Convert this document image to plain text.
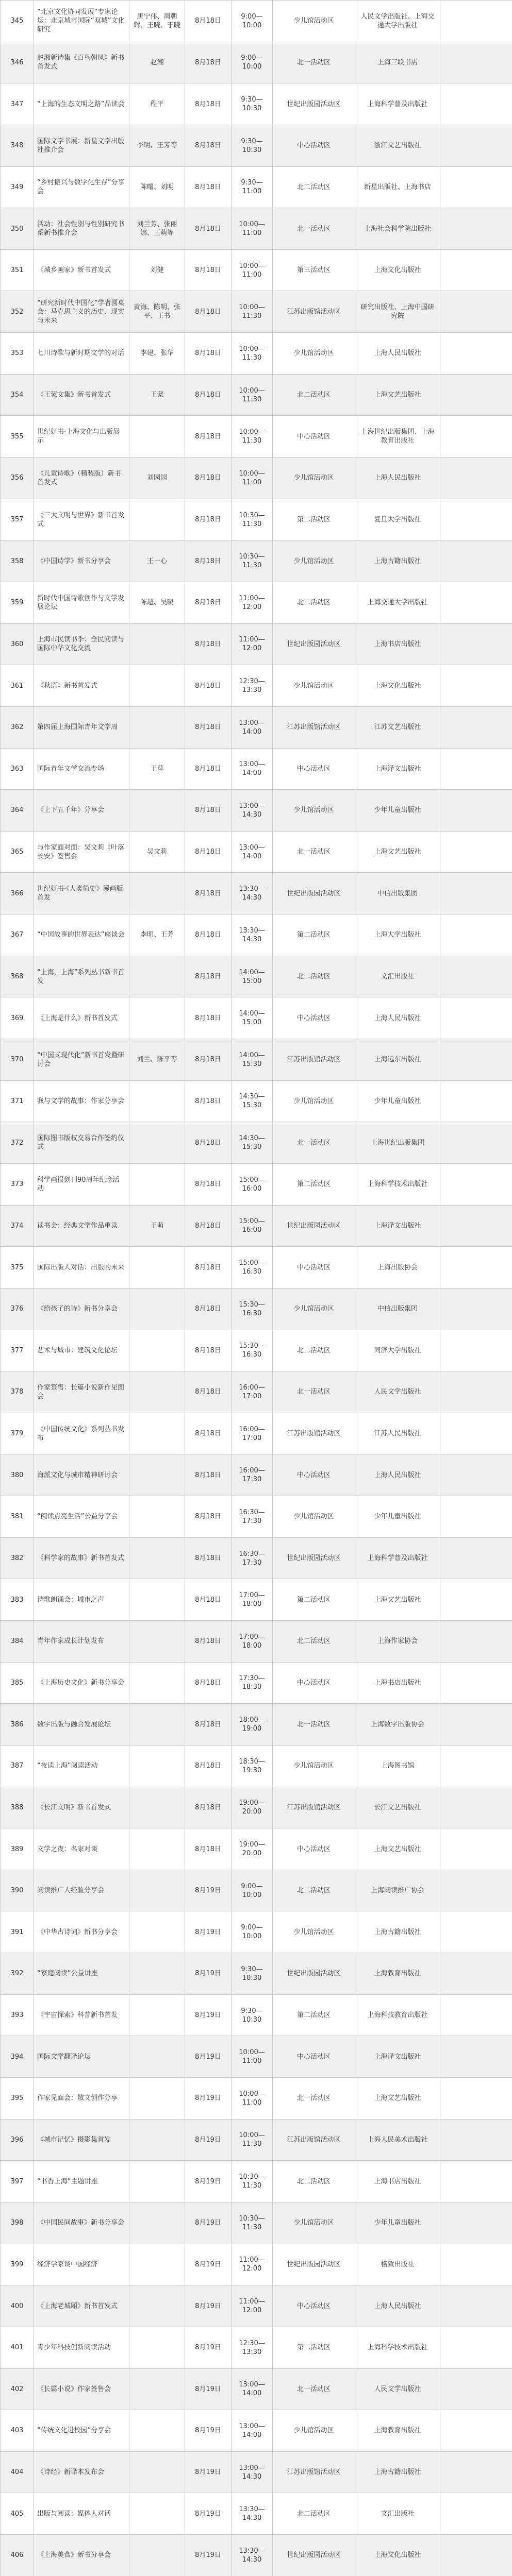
345	“北京文化协同发展”专家论坛：北京城市国际“双城”文化研究	唐宁伟、周朝辉、王晓、于晓	8月18日	9:00—10:00	少儿馆活动区	人民文学出版社、上海交通大学出版社	
346	赵湘新诗集《百鸟朝凤》新书首发式	赵湘	8月18日	9:00—10:00	北一活动区	上海三联书店	
347	“上海的生态文明之路”品读会	程平	8月18日	9:30—10:30	世纪出版园活动区	上海科学普及出版社	
348	国际文学书展：新星文学出版社推介会	李明、王芳等	8月18日	9:30—10:30	中心活动区	浙江文艺出版社	
349	“乡村振兴与数字化生存”分享会	陈曙、刘明	8月18日	9:30—11:00	北二活动区	新星出版社、上海书店	
350	活动：社会性别与性别研究书系新书推介会	刘兰芳、张丽娜、王萌等	8月18日	10:00—11:00	北一活动区	上海社会科学院出版社	
351	《城乡画家》新书首发式	刘健	8月18日	10:00—11:00	第三活动区	上海文化出版社	
352	“研究新时代中国化”学者圆桌会：马克思主义的历史、现实与未来	黄海、陈明、张平、王书	8月18日	10:00—11:30	江苏出版馆活动区	研究出版社、上海中国研究院	
353	七川诗歌与新时期文学的对话	李建、张华	8月18日	10:00—11:30	少儿馆活动区	上海人民出版社	
354	《王蒙文集》新书首发式	王蒙	8月18日	10:00—11:30	北二活动区	上海文艺出版社	
355	世纪好书·上海文化与出版展示		8月18日	10:00—11:30	中心活动区	上海世纪出版集团、上海教育出版社	
356	《儿童诗歌》（精装版）新书首发式	刘园园	8月18日	10:00—11:00	少儿馆活动区	上海人民出版社	
357	《三大文明与世界》新书首发式		8月18日	10:30—11:30	第二活动区	复旦大学出版社	
358	《中国诗学》新书分享会	王一心	8月18日	10:30—11:30	少儿馆活动区	上海古籍出版社	
359	新时代中国诗歌创作与文学发展论坛	陈超、吴晓	8月18日	11:00—12:00	北二活动区	上海交通大学出版社	
360	上海市民读书季：全民阅读与国际中华文化交流		8月18日	11:00—12:00	世纪出版园活动区	上海书店出版社	
361	《秋语》新书首发式		8月18日	12:30—13:30	少儿馆活动区	上海文化出版社	
362	第四届上海国际青年文学周		8月18日	13:00—14:00	江苏出版馆活动区	江苏文艺出版社	
363	国际青年文学交流专场	王萍	8月18日	13:00—14:00	中心活动区	上海译文出版社	
364	《上下五千年》分享会		8月18日	13:00—14:30	少儿馆活动区	少年儿童出版社	
365	与作家面对面：吴文莉《叶落长安》签售会	吴文莉	8月18日	13:00—14:00	北一活动区	上海文艺出版社	
366	世纪好书·《人类简史》漫画版首发		8月18日	13:30—14:30	世纪出版园活动区	中信出版集团	
367	“中国故事的世界表达”座谈会	李明、王芳	8月18日	13:30—14:30	第二活动区	上海大学出版社	
368	“上海，上海”系列丛书新书首发		8月18日	14:00—15:00	北二活动区	文汇出版社	
369	《上海是什么》新书首发式		8月18日	14:00—15:00	中心活动区	上海人民出版社	
370	“中国式现代化”新书首发暨研讨会	刘兰、陈平等	8月18日	14:00—15:30	江苏出版馆活动区	上海远东出版社	
371	我与文学的故事：作家分享会		8月18日	14:30—15:30	少儿馆活动区	少年儿童出版社	
372	国际图书版权交易合作签约仪式		8月18日	14:30—15:30	北一活动区	上海世纪出版集团	
373	科学画报创刊90周年纪念活动		8月18日	15:00—16:00	第二活动区	上海科学技术出版社	
374	读书会：经典文学作品重读	王萌	8月18日	15:00—16:00	世纪出版园活动区	上海译文出版社	
375	国际出版人对话：出版的未来		8月18日	15:00—16:30	中心活动区	上海出版协会	
376	《给孩子的诗》新书分享会		8月18日	15:30—16:30	少儿馆活动区	中信出版集团	
377	艺术与城市：建筑文化论坛		8月18日	15:30—16:30	北二活动区	同济大学出版社	
378	作家签售：长篇小说新作见面会		8月18日	16:00—17:00	北一活动区	人民文学出版社	
379	《中国传统文化》系列丛书发布		8月18日	16:00—17:00	江苏出版馆活动区	江苏人民出版社	
380	海派文化与城市精神研讨会		8月18日	16:00—17:30	中心活动区	上海人民出版社	
381	“阅读点亮生活”公益分享会		8月18日	16:30—17:30	少儿馆活动区	少年儿童出版社	
382	《科学家的故事》新书首发式		8月18日	16:30—17:30	世纪出版园活动区	上海科学普及出版社	
383	诗歌朗诵会：城市之声		8月18日	17:00—18:00	第二活动区	上海文艺出版社	
384	青年作家成长计划发布		8月18日	17:00—18:00	北二活动区	上海作家协会	
385	《上海历史文化》新书分享会		8月18日	17:30—18:30	中心活动区	上海书店出版社	
386	数字出版与融合发展论坛		8月18日	18:00—19:00	北一活动区	上海数字出版协会	
387	“夜读上海”阅读活动		8月18日	18:30—19:30	少儿馆活动区	上海图书馆	
388	《长江文明》新书首发式		8月18日	19:00—20:00	江苏出版馆活动区	长江文艺出版社	
389	文学之夜：名家对谈		8月18日	19:00—20:00	中心活动区	上海文艺出版社	
390	阅读推广人经验分享会		8月19日	9:00—10:00	北二活动区	上海阅读推广协会	
391	《中华古诗词》新书分享会		8月19日	9:00—10:00	少儿馆活动区	上海古籍出版社	
392	“家庭阅读”公益讲座		8月19日	9:30—10:30	世纪出版园活动区	上海教育出版社	
393	《宇宙探索》科普新书首发		8月19日	9:30—10:30	第二活动区	上海科技教育出版社	
394	国际文学翻译论坛		8月19日	10:00—11:00	中心活动区	上海译文出版社	
395	作家见面会：散文创作分享		8月19日	10:00—11:00	北一活动区	上海文艺出版社	
396	《城市记忆》摄影集首发		8月19日	10:00—11:30	江苏出版馆活动区	上海人民美术出版社	
397	“书香上海”主题讲座		8月19日	10:30—11:30	北二活动区	上海书店出版社	
398	《中国民间故事》新书分享会		8月19日	10:30—11:30	少儿馆活动区	少年儿童出版社	
399	经济学家谈中国经济		8月19日	11:00—12:00	世纪出版园活动区	格致出版社	
400	《上海老城厢》新书首发式		8月19日	11:00—12:00	中心活动区	上海人民出版社	
401	青少年科技创新阅读活动		8月19日	12:30—13:30	第二活动区	上海科学技术出版社	
402	《长篇小说》作家签售会		8月19日	13:00—14:00	北一活动区	人民文学出版社	
403	“传统文化进校园”分享会		8月19日	13:00—14:00	少儿馆活动区	上海教育出版社	
404	《诗经》新译本发布会		8月19日	13:00—14:30	江苏出版馆活动区	上海古籍出版社	
405	出版与阅读：媒体人对话		8月19日	13:30—14:30	北二活动区	文汇出版社	
406	《上海美食》新书分享会		8月19日	13:30—14:30	世纪出版园活动区	上海文化出版社	
